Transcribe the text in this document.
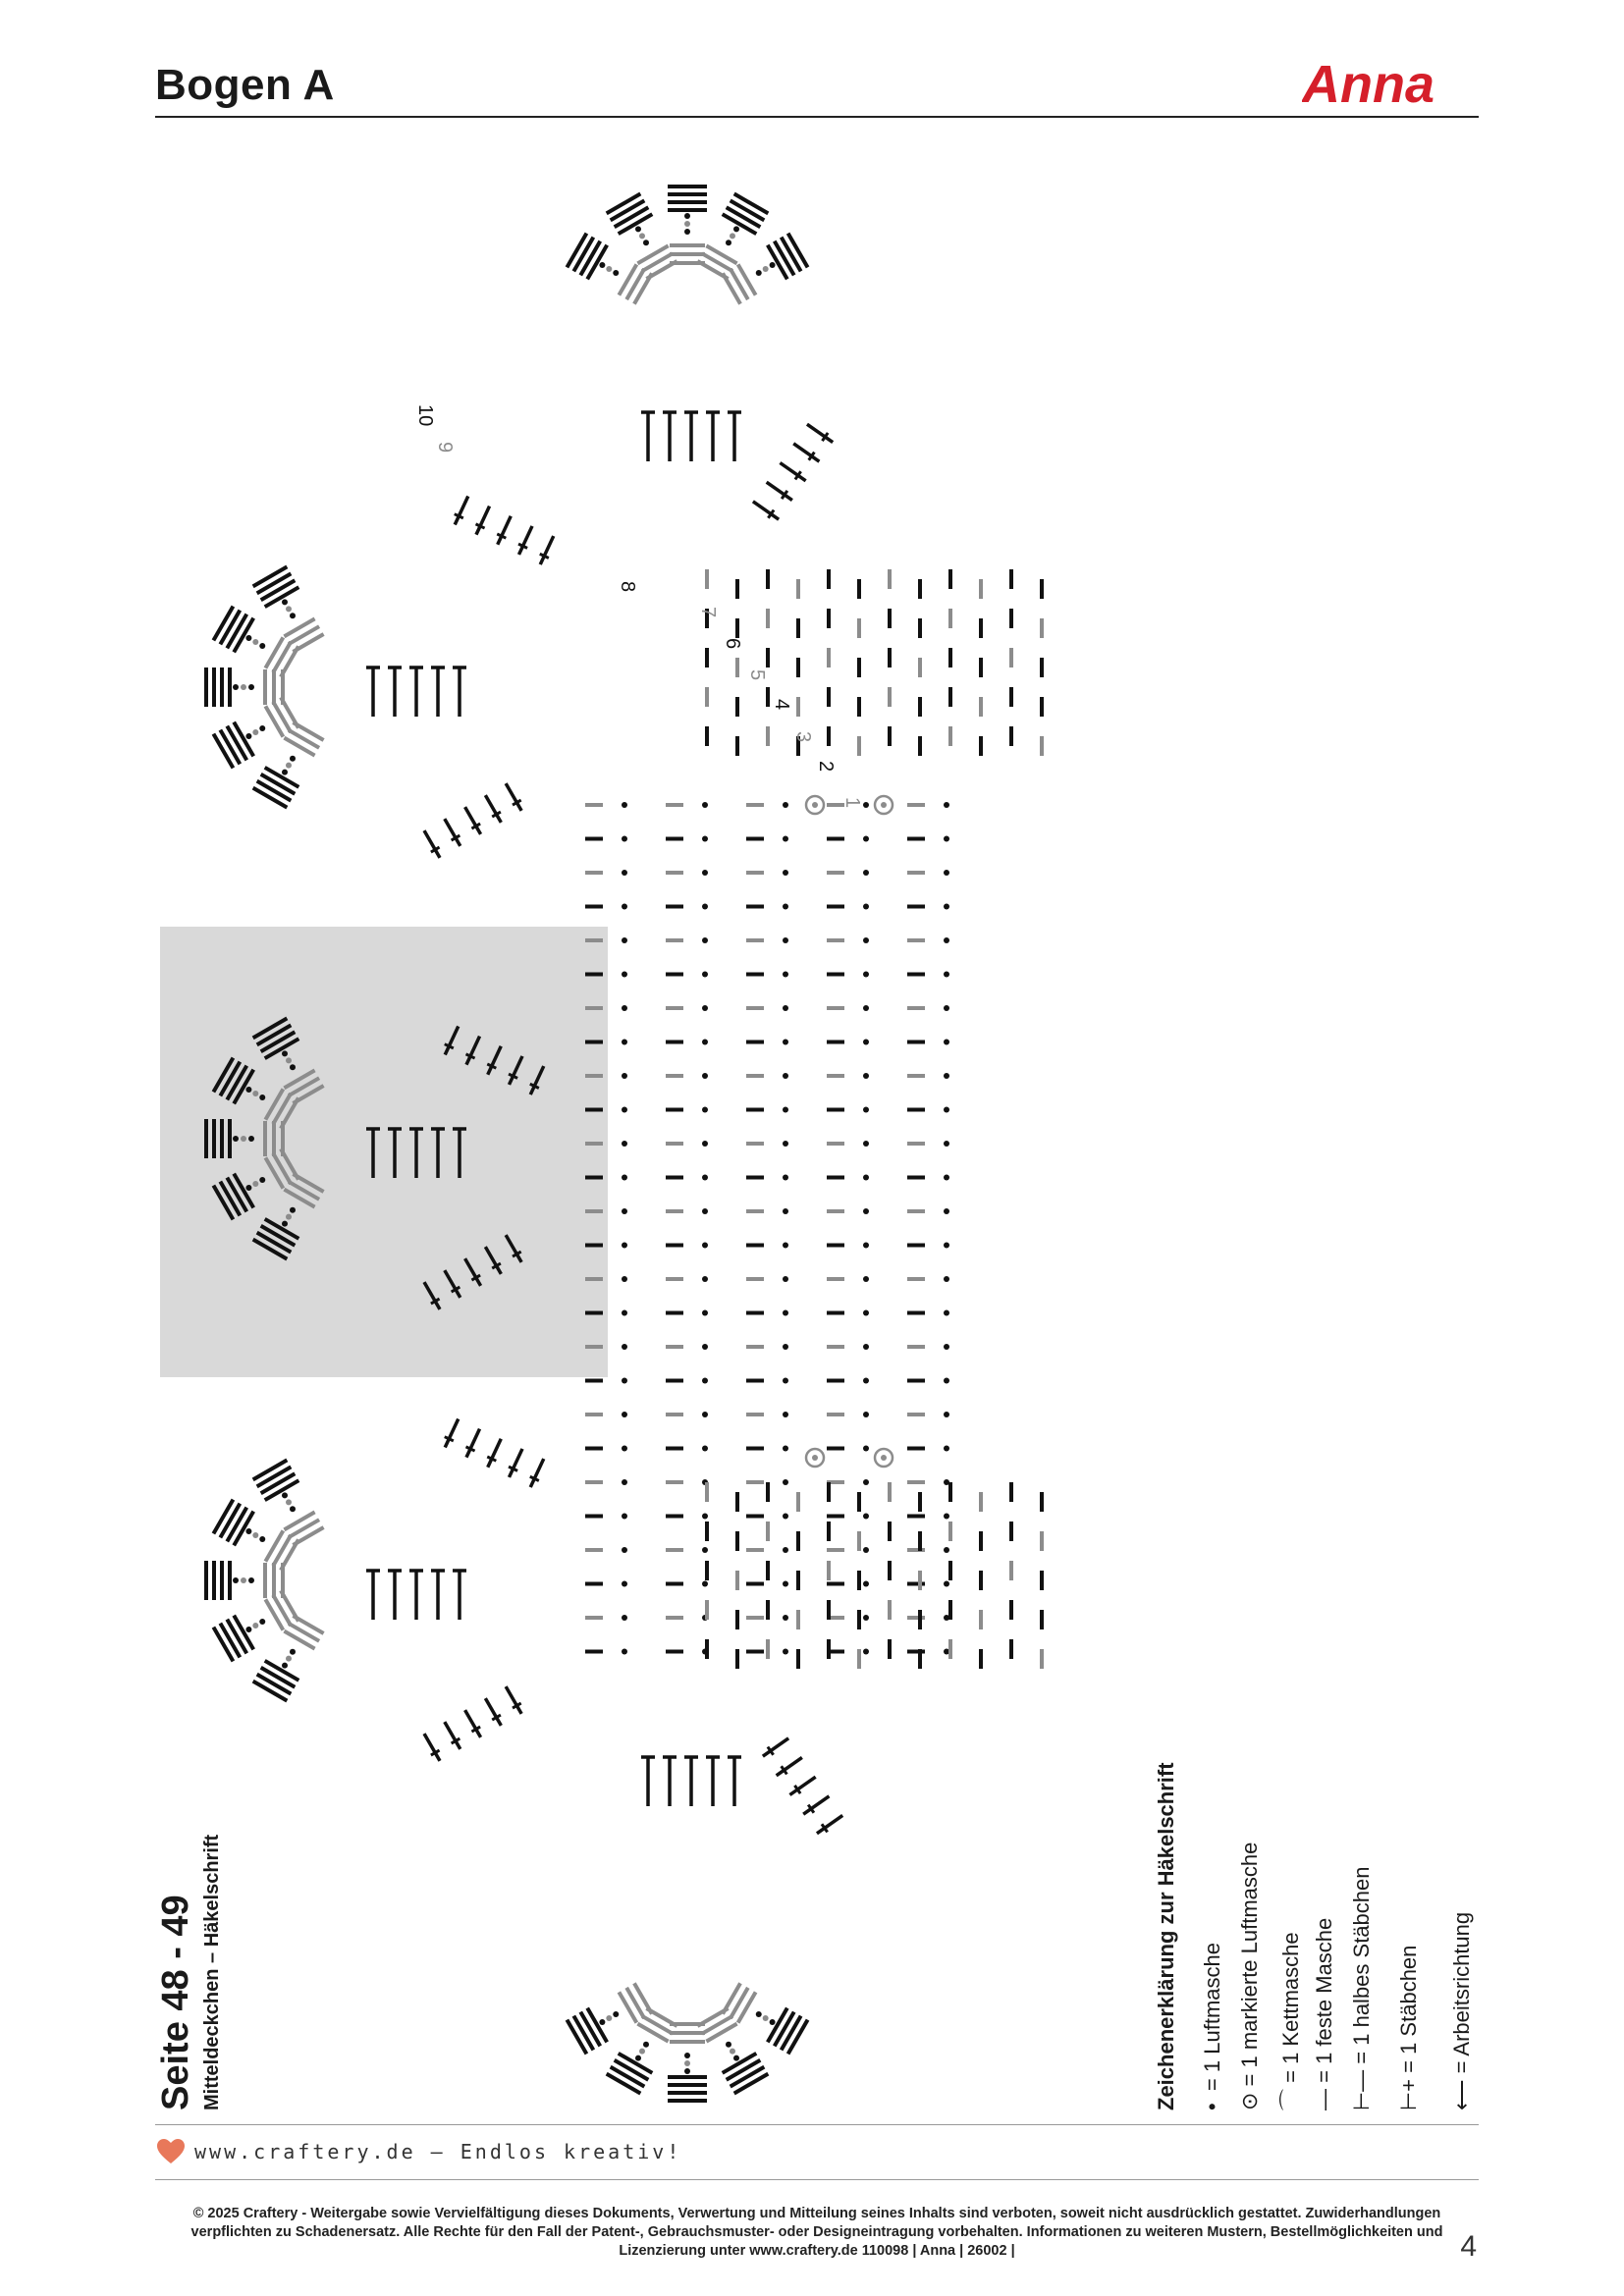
Bogen A	Anna
1
2
3
4
5
6
7
8
9
10
Seite 48 - 49 Mitteldeckchen – Häkelschrift	Zeichenerklärung zur Häkelschrift •  = 1 Luftmasche
⊙ = 1 markierte Luftmasche
⌒ = 1 Kettmasche
— = 1 feste Masche
⊢— = 1 halbes Stäbchen
⊢+ = 1 Stäbchen
⟵ = Arbeitsrichtung
www.craftery.de – Endlos kreativ!
© 2025 Craftery - Weitergabe sowie Vervielfältigung dieses Dokuments, Verwertung und Mitteilung seines Inhalts sind verboten, soweit nicht ausdrücklich gestattet. Zuwiderhandlungen verpflichten zu Schadenersatz. Alle Rechte für den Fall der Patent-, Gebrauchsmuster- oder Designeintragung vorbehalten. Informationen zu weiteren Mustern, Bestellmöglichkeiten und Lizenzierung unter www.craftery.de 110098 | Anna | 26002 |	4
